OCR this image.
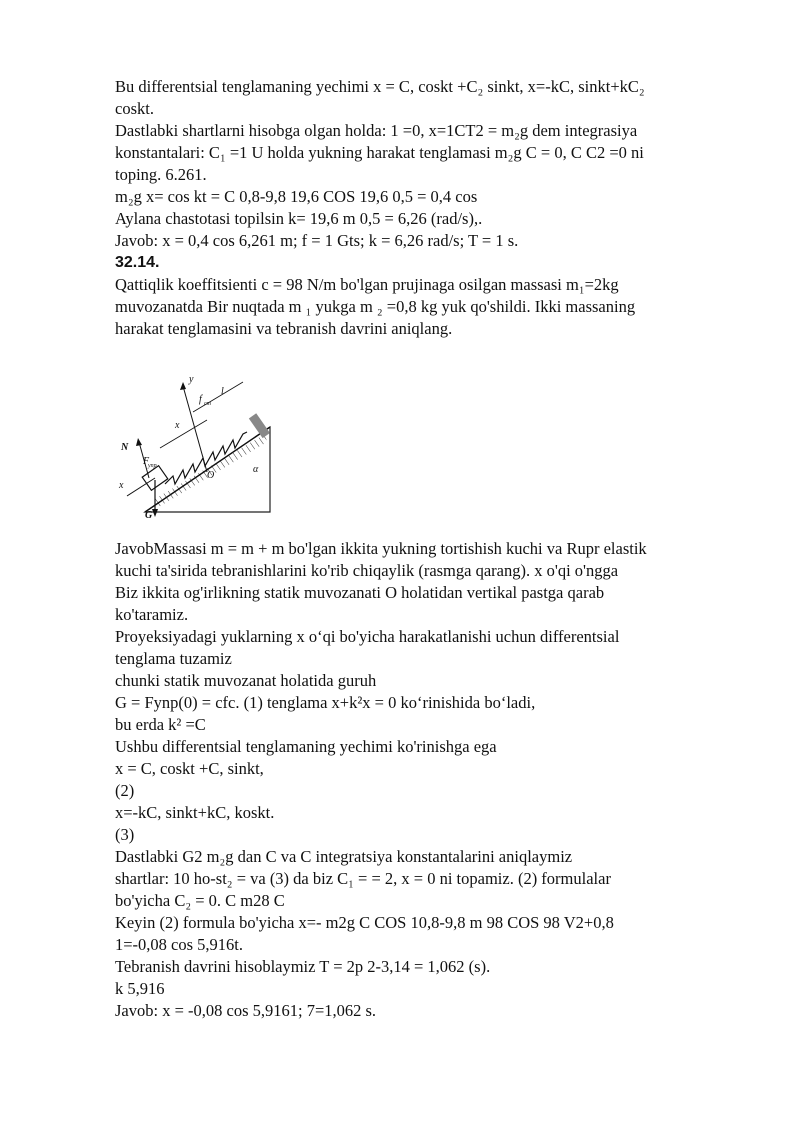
Bu differentsial tenglamaning yechimi x = C, coskt +C₂ sinkt, x=-kC, sinkt+kC₂
coskt.
Dastlabki shartlarni hisobga olgan holda: 1 =0, x=1CT2 = m₂g dem integrasiya
konstantalari: C₁ =1 U holda yukning harakat tenglamasi m₂g C = 0, C C2 =0 ni
toping. 6.261.
m₂g x= cos kt = C 0,8-9,8 19,6 COS 19,6 0,5 = 0,4 cos
Aylana chastotasi topilsin k= 19,6 m 0,5 = 6,26 (rad/s),.
Javob: x = 0,4 cos 6,261 m; f = 1 Gts; k = 6,26 rad/s; T = 1 s.
32.14.
Qattiqlik koeffitsienti c = 98 N/m bo'lgan prujinaga osilgan massasi m₁=2kg
muvozanatda Bir nuqtada m ₁ yukga m ₂ =0,8 kg yuk qo'shildi. Ikki massaning
harakat tenglamasini va tebranish davrini aniqlang.
y
f ст
l
x
N
F
упр
O
α
x
G
JavobMassasi m = m + m bo'lgan ikkita yukning tortishish kuchi va Rupr elastik
kuchi ta'sirida tebranishlarini ko'rib chiqaylik (rasmga qarang). x o'qi o'ngga
Biz ikkita og'irlikning statik muvozanati O holatidan vertikal pastga qarab
ko'taramiz.
Proyeksiyadagi yuklarning x oʻqi bo'yicha harakatlanishi uchun differentsial
tenglama tuzamiz
chunki statik muvozanat holatida guruh
G = Fynp(0) = cfc. (1) tenglama x+k²x = 0 koʻrinishida boʻladi,
bu erda k² =C
Ushbu differentsial tenglamaning yechimi ko'rinishga ega
x = C, coskt +C, sinkt,
(2)
x=-kC, sinkt+kC, koskt.
(3)
Dastlabki G2 m₂g dan C va C integratsiya konstantalarini aniqlaymiz
shartlar: 10 ho-st₂ = va (3) da biz C₁ = = 2, x = 0 ni topamiz. (2) formulalar
bo'yicha C₂ = 0. C m28 C
Keyin (2) formula bo'yicha x=- m2g C COS 10,8-9,8 m 98 COS 98 V2+0,8
1=-0,08 cos 5,916t.
Tebranish davrini hisoblaymiz T = 2p 2-3,14 = 1,062 (s).
k 5,916
Javob: x = -0,08 cos 5,9161; 7=1,062 s.
